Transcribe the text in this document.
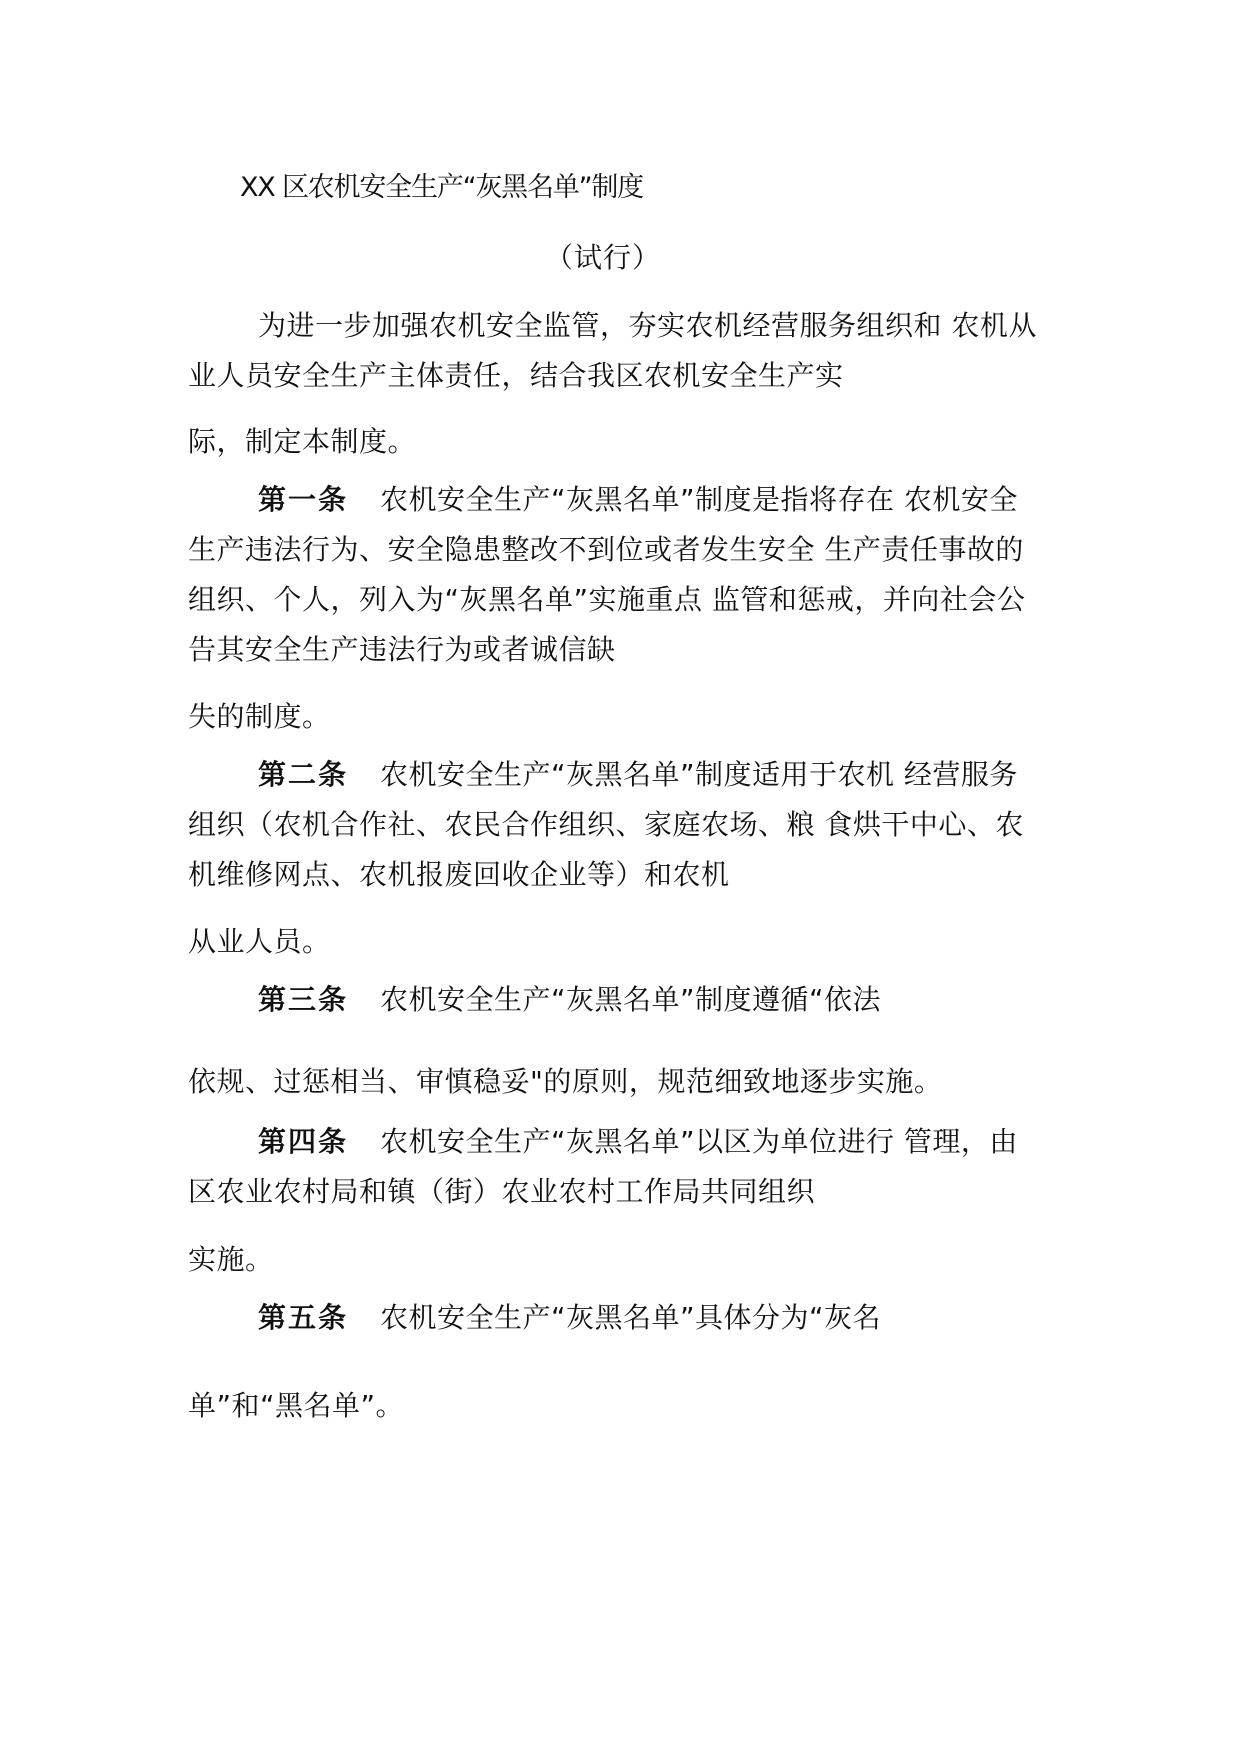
XX 区农机安全生产“灰黑名单”制度

（试行）

为进一步加强农机安全监管，夯实农机经营服务组织和 农机从

业人员安全生产主体责任，结合我区农机安全生产实

际，制定本制度。

第一条 农机安全生产“灰黑名单”制度是指将存在 农机安全

生产违法行为、安全隐患整改不到位或者发生安全 生产责任事故的

组织、个人，列入为“灰黑名单”实施重点 监管和惩戒，并向社会公

告其安全生产违法行为或者诚信缺

失的制度。

第二条 农机安全生产“灰黑名单”制度适用于农机 经营服务

组织（农机合作社、农民合作组织、家庭农场、粮 食烘干中心、农

机维修网点、农机报废回收企业等）和农机

从业人员。

第三条 农机安全生产“灰黑名单”制度遵循“依法

依规、过惩相当、审慎稳妥"的原则，规范细致地逐步实施。

第四条 农机安全生产“灰黑名单”以区为单位进行 管理，由

区农业农村局和镇（街）农业农村工作局共同组织

实施。

第五条 农机安全生产“灰黑名单”具体分为“灰名

单”和“黑名单”。
